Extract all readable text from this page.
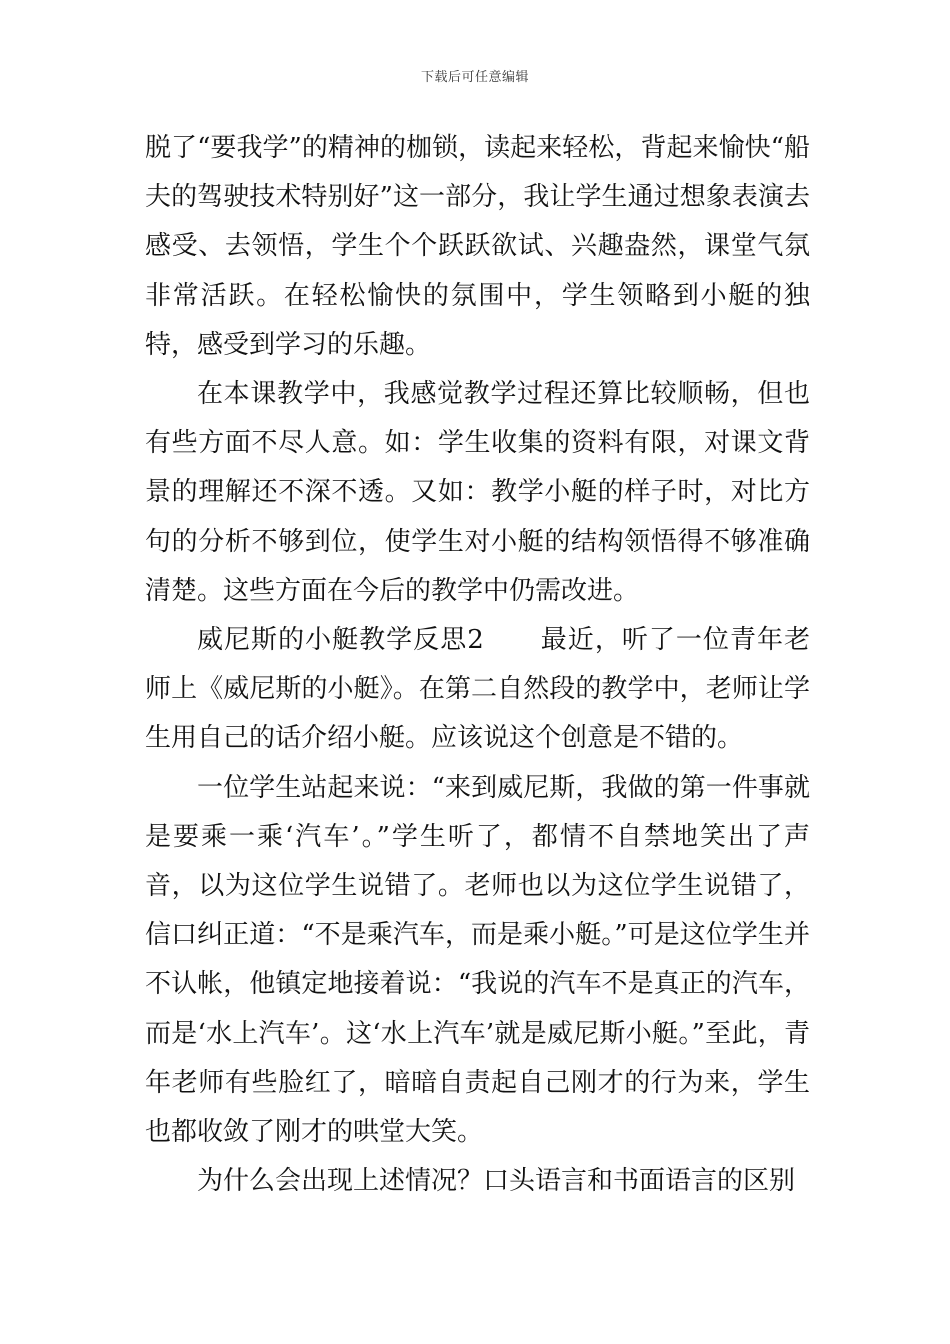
下载后可任意编辑

脱了“要我学”的精神的枷锁，读起来轻松，背起来愉快“船夫的驾驶技术特别好”这一部分，我让学生通过想象表演去感受、去领悟，学生个个跃跃欲试、兴趣盎然，课堂气氛非常活跃。在轻松愉快的氛围中，学生领略到小艇的独特，感受到学习的乐趣。

在本课教学中，我感觉教学过程还算比较顺畅，但也有些方面不尽人意。如：学生收集的资料有限，对课文背景的理解还不深不透。又如：教学小艇的样子时，对比方句的分析不够到位，使学生对小艇的结构领悟得不够准确清楚。这些方面在今后的教学中仍需改进。

威尼斯的小艇教学反思2 最近，听了一位青年老师上《威尼斯的小艇》。在第二自然段的教学中，老师让学生用自己的话介绍小艇。应该说这个创意是不错的。

一位学生站起来说：“来到威尼斯，我做的第一件事就是要乘一乘‘汽车’。”学生听了，都情不自禁地笑出了声音，以为这位学生说错了。老师也以为这位学生说错了，信口纠正道：“不是乘汽车，而是乘小艇。”可是这位学生并不认帐，他镇定地接着说：“我说的汽车不是真正的汽车，而是‘水上汽车’。这‘水上汽车’就是威尼斯小艇。”至此，青年老师有些脸红了，暗暗自责起自己刚才的行为来，学生也都收敛了刚才的哄堂大笑。

为什么会出现上述情况？口头语言和书面语言的区别
